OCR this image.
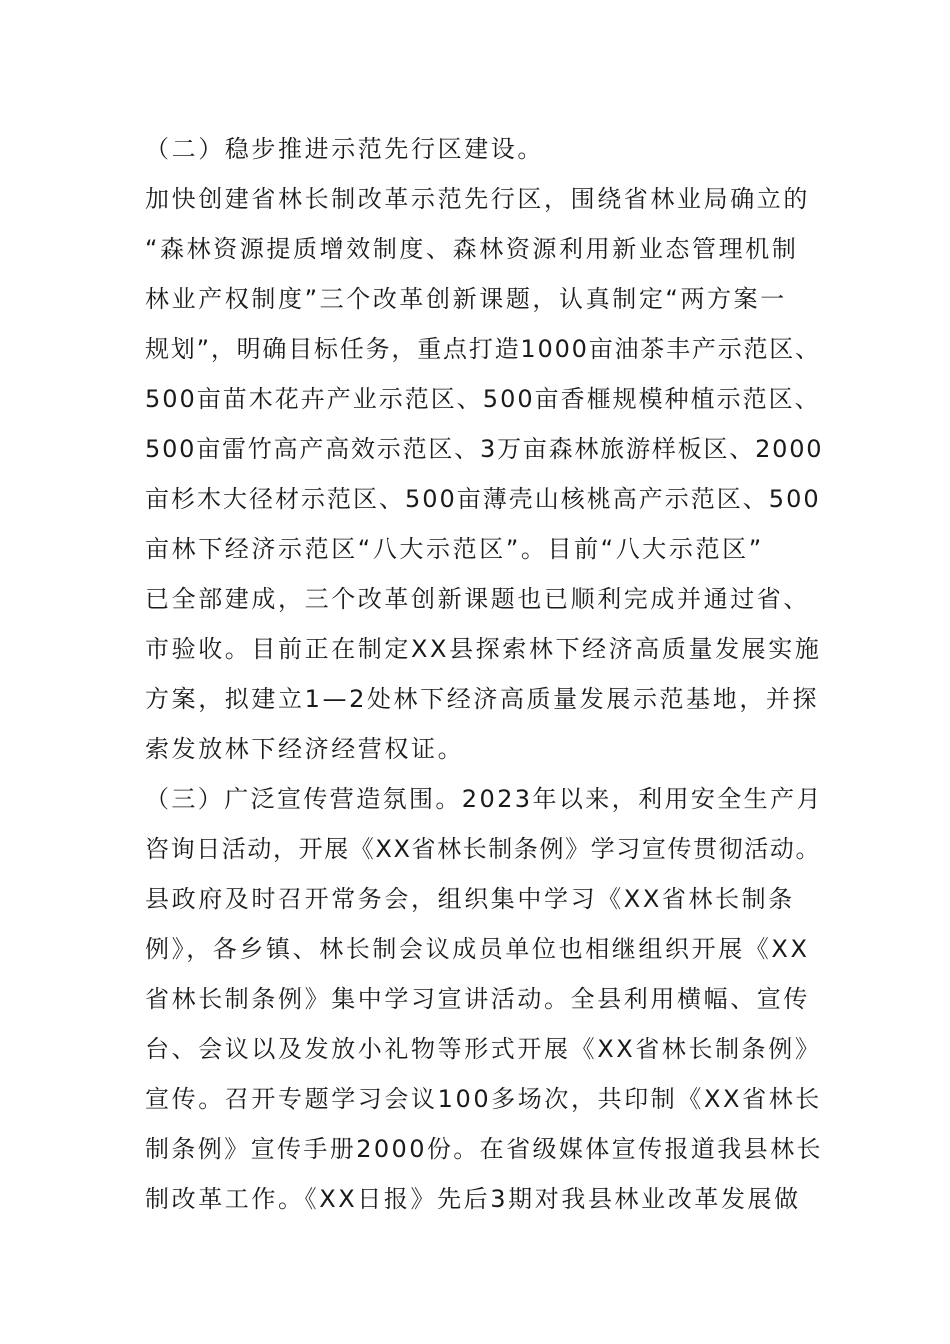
（二）稳步推进示范先行区建设。
加快创建省林长制改革示范先行区，围绕省林业局确立的
“森林资源提质增效制度、森林资源利用新业态管理机制
林业产权制度”三个改革创新课题，认真制定“两方案一
规划”，明确目标任务，重点打造1000亩油茶丰产示范区、
500亩苗木花卉产业示范区、500亩香榧规模种植示范区、
500亩雷竹高产高效示范区、3万亩森林旅游样板区、2000
亩杉木大径材示范区、500亩薄壳山核桃高产示范区、500
亩林下经济示范区“八大示范区”。目前“八大示范区”
已全部建成，三个改革创新课题也已顺利完成并通过省、
市验收。目前正在制定XX县探索林下经济高质量发展实施
方案，拟建立1—2处林下经济高质量发展示范基地，并探
索发放林下经济经营权证。
（三）广泛宣传营造氛围。2023年以来，利用安全生产月
咨询日活动，开展《XX省林长制条例》学习宣传贯彻活动。
县政府及时召开常务会，组织集中学习《XX省林长制条
例》，各乡镇、林长制会议成员单位也相继组织开展《XX
省林长制条例》集中学习宣讲活动。全县利用横幅、宣传
台、会议以及发放小礼物等形式开展《XX省林长制条例》
宣传。召开专题学习会议100多场次，共印制《XX省林长
制条例》宣传手册2000份。在省级媒体宣传报道我县林长
制改革工作。《XX日报》先后3期对我县林业改革发展做
